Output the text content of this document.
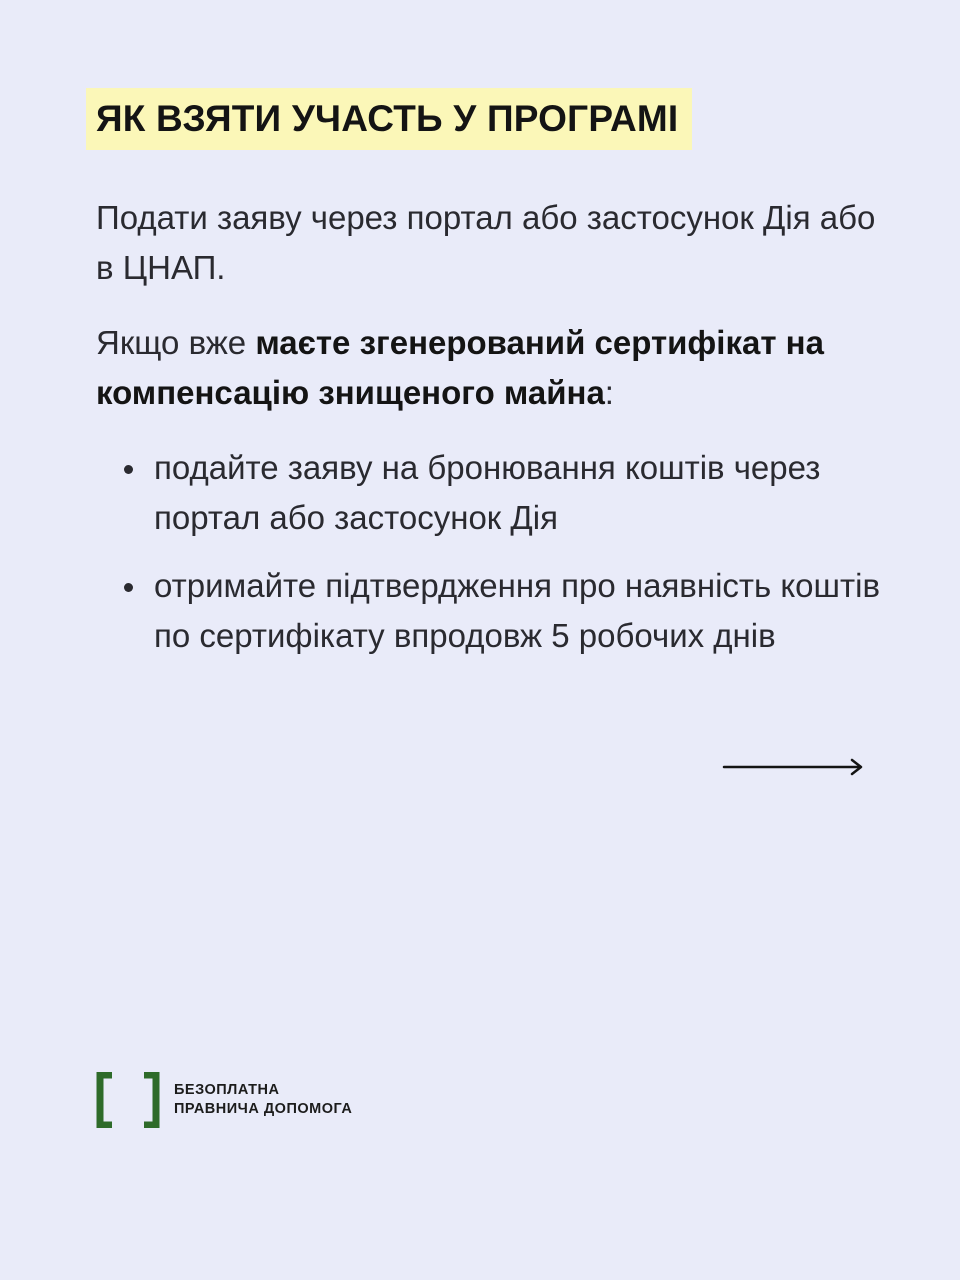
ЯК ВЗЯТИ УЧАСТЬ У ПРОГРАМІ

Подати заяву через портал або застосунок Дія або в ЦНАП.

Якщо вже маєте згенерований сертифікат на компенсацію знищеного майна:

подайте заяву на бронювання коштів через портал або застосунок Дія
отримайте підтвердження про наявність коштів по сертифікату впродовж 5 робочих днів
БЕЗОПЛАТНА
ПРАВНИЧА ДОПОМОГА
